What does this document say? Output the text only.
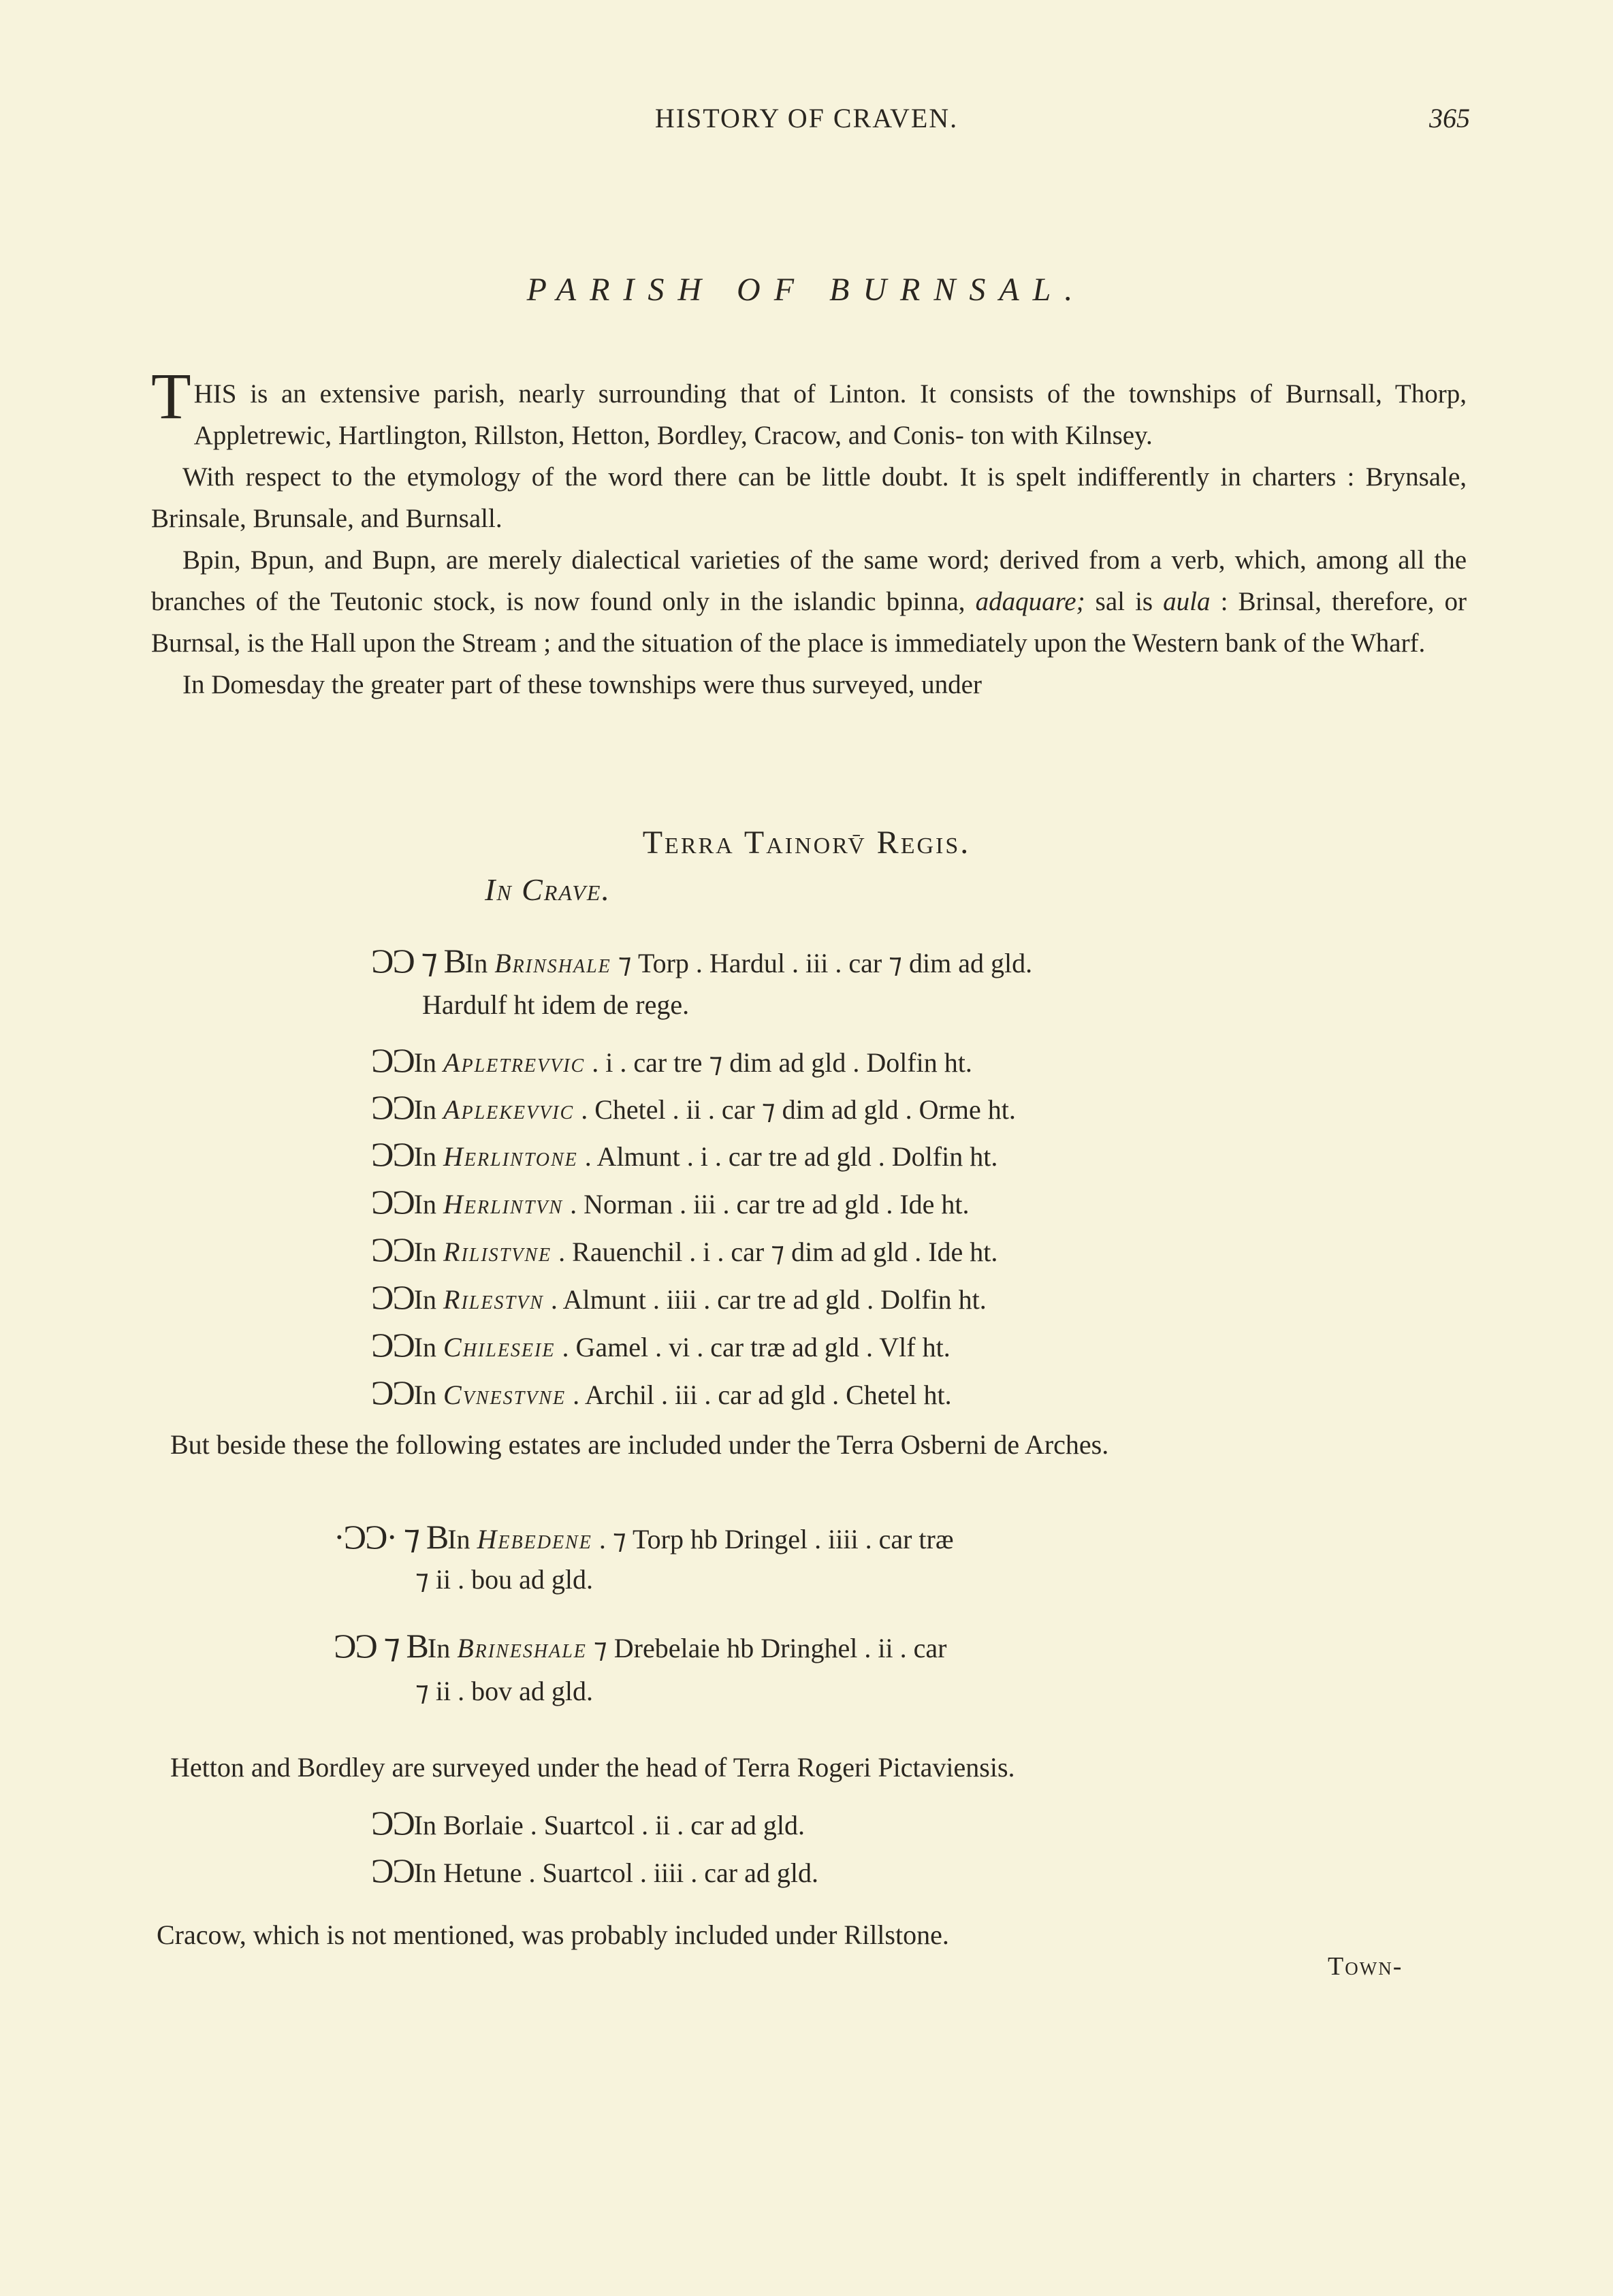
HISTORY OF CRAVEN.	365
PARISH OF BURNSAL.

THIS is an extensive parish, nearly surrounding that of Linton. It consists of the townships of Burnsall, Thorp, Appletrewic, Hartlington, Rillston, Hetton, Bordley, Cracow, and Conis- ton with Kilnsey.

With respect to the etymology of the word there can be little doubt. It is spelt indifferently in charters : Brynsale, Brinsale, Brunsale, and Burnsall.

Bpin, Bpun, and Bupn, are merely dialectical varieties of the same word; derived from a verb, which, among all the branches of the Teutonic stock, is now found only in the islandic bpinna, adaquare; sal is aula : Brinsal, therefore, or Burnsal, is the Hall upon the Stream ; and the situation of the place is immediately upon the Western bank of the Wharf.

In Domesday the greater part of these townships were thus surveyed, under

Terra Tainorv̄ Regis.
In Crave.
ƆƆ ⁊ BIn Brinshale ⁊ Torp . Hardul . iii . car ⁊ dim ad gld.
Hardulf ht idem de rege.
ƆƆIn Apletrevvic . i . car tre ⁊ dim ad gld . Dolfin ht.
ƆƆIn Aplekevvic . Chetel . ii . car ⁊ dim ad gld . Orme ht.
ƆƆIn Herlintone . Almunt . i . car tre ad gld . Dolfin ht.
ƆƆIn Herlintvn . Norman . iii . car tre ad gld . Ide ht.
ƆƆIn Rilistvne . Rauenchil . i . car ⁊ dim ad gld . Ide ht.
ƆƆIn Rilestvn . Almunt . iiii . car tre ad gld . Dolfin ht.
ƆƆIn Chileseie . Gamel . vi . car træ ad gld . Vlf ht.
ƆƆIn Cvnestvne . Archil . iii . car ad gld . Chetel ht.
But beside these the following estates are included under the Terra Osberni de Arches.
·ƆƆ· ⁊ BIn Hebedene . ⁊ Torp hb Dringel . iiii . car træ
⁊ ii . bou ad gld.
ƆƆ ⁊ BIn Brineshale ⁊ Drebelaie hb Dringhel . ii . car
⁊ ii . bov ad gld.
Hetton and Bordley are surveyed under the head of Terra Rogeri Pictaviensis.
ƆƆIn Borlaie . Suartcol . ii . car ad gld.
ƆƆIn Hetune . Suartcol . iiii . car ad gld.
Cracow, which is not mentioned, was probably included under Rillstone.
Town-
